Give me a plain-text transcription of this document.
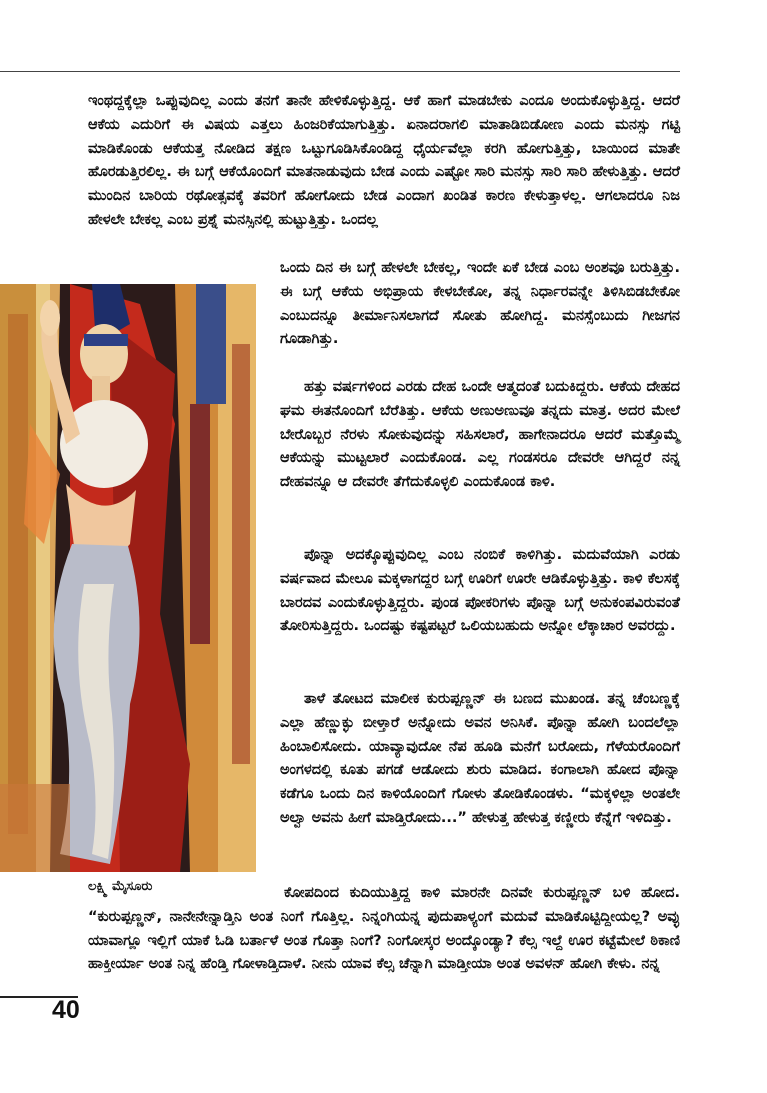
ಇಂಥದ್ದಕ್ಕೆಲ್ಲಾ ಒಪ್ಪುವುದಿಲ್ಲ ಎಂದು ತನಗೆ ತಾನೇ ಹೇಳಿಕೊಳ್ಳುತ್ತಿದ್ದ. ಆಕೆ ಹಾಗೆ ಮಾಡಬೇಕು ಎಂದೂ ಅಂದುಕೊಳ್ಳುತ್ತಿದ್ದ. ಆದರೆ ಆಕೆಯ ಎದುರಿಗೆ ಈ ವಿಷಯ ಎತ್ತಲು ಹಿಂಜರಿಕೆಯಾಗುತ್ತಿತ್ತು. ಏನಾದರಾಗಲಿ ಮಾತಾಡಿಬಿಡೋಣ ಎಂದು ಮನಸ್ಸು ಗಟ್ಟಿ ಮಾಡಿಕೊಂಡು ಆಕೆಯತ್ತ ನೋಡಿದ ತಕ್ಷಣ ಒಟ್ಟುಗೂಡಿಸಿಕೊಂಡಿದ್ದ ಧೈರ್ಯವೆಲ್ಲಾ ಕರಗಿ ಹೋಗುತ್ತಿತ್ತು, ಬಾಯಿಂದ ಮಾತೇ ಹೊರಡುತ್ತಿರಲಿಲ್ಲ. ಈ ಬಗ್ಗೆ ಆಕೆಯೊಂದಿಗೆ ಮಾತನಾಡುವುದು ಬೇಡ ಎಂದು ಎಷ್ಟೋ ಸಾರಿ ಮನಸ್ಸು ಸಾರಿ ಸಾರಿ ಹೇಳುತ್ತಿತ್ತು. ಆದರೆ ಮುಂದಿನ ಬಾರಿಯ ರಥೋತ್ಸವಕ್ಕೆ ತವರಿಗೆ ಹೋಗೋದು ಬೇಡ ಎಂದಾಗ ಖಂಡಿತ ಕಾರಣ ಕೇಳುತ್ತಾಳಲ್ಲ. ಆಗಲಾದರೂ ನಿಜ ಹೇಳಲೇ ಬೇಕಲ್ಲ ಎಂಬ ಪ್ರಶ್ನೆ ಮನಸ್ಸಿನಲ್ಲಿ ಹುಟ್ಟುತ್ತಿತ್ತು. ಒಂದಲ್ಲ

ಒಂದು ದಿನ ಈ ಬಗ್ಗೆ ಹೇಳಲೇ ಬೇಕಲ್ಲ, ಇಂದೇ ಏಕೆ ಬೇಡ ಎಂಬ ಅಂಶವೂ ಬರುತ್ತಿತ್ತು. ಈ ಬಗ್ಗೆ ಆಕೆಯ ಅಭಿಪ್ರಾಯ ಕೇಳಬೇಕೋ, ತನ್ನ ನಿರ್ಧಾರವನ್ನೇ ತಿಳಿಸಿಬಿಡಬೇಕೋ ಎಂಬುದನ್ನೂ ತೀರ್ಮಾನಿಸಲಾಗದೆ ಸೋತು ಹೋಗಿದ್ದ. ಮನಸ್ಸೆಂಬುದು ಗೀಜಗನ ಗೂಡಾಗಿತ್ತು.

ಹತ್ತು ವರ್ಷಗಳಿಂದ ಎರಡು ದೇಹ ಒಂದೇ ಆತ್ಮದಂತೆ ಬದುಕಿದ್ದರು. ಆಕೆಯ ದೇಹದ ಘಮ ಈತನೊಂದಿಗೆ ಬೆರೆತಿತ್ತು. ಆಕೆಯ ಅಣುಅಣುವೂ ತನ್ನದು ಮಾತ್ರ. ಅದರ ಮೇಲೆ ಬೇರೊಬ್ಬರ ನೆರಳು ಸೋಕುವುದನ್ನು ಸಹಿಸಲಾರೆ, ಹಾಗೇನಾದರೂ ಆದರೆ ಮತ್ತೊಮ್ಮೆ ಆಕೆಯನ್ನು ಮುಟ್ಟಲಾರೆ ಎಂದುಕೊಂಡ. ಎಲ್ಲ ಗಂಡಸರೂ ದೇವರೇ ಆಗಿದ್ದರೆ ನನ್ನ ದೇಹವನ್ನೂ ಆ ದೇವರೇ ತೆಗೆದುಕೊಳ್ಳಲಿ ಎಂದುಕೊಂಡ ಕಾಳಿ.

ಪೊನ್ನಾ ಅದಕ್ಕೊಪ್ಪುವುದಿಲ್ಲ ಎಂಬ ನಂಬಿಕೆ ಕಾಳಿಗಿತ್ತು. ಮದುವೆಯಾಗಿ ಎರಡು ವರ್ಷವಾದ ಮೇಲೂ ಮಕ್ಕಳಾಗದ್ದರ ಬಗ್ಗೆ ಊರಿಗೆ ಊರೇ ಆಡಿಕೊಳ್ಳುತ್ತಿತ್ತು. ಕಾಳಿ ಕೆಲಸಕ್ಕೆ ಬಾರದವ ಎಂದುಕೊಳ್ಳುತ್ತಿದ್ದರು. ಪುಂಡ ಪೋಕರಿಗಳು ಪೊನ್ನಾ ಬಗ್ಗೆ ಅನುಕಂಪವಿರುವಂತೆ ತೋರಿಸುತ್ತಿದ್ದರು. ಒಂದಷ್ಟು ಕಷ್ಟಪಟ್ಟರೆ ಒಲಿಯಬಹುದು ಅನ್ನೋ ಲೆಕ್ಕಾಚಾರ ಅವರದ್ದು.

ತಾಳೆ ತೋಟದ ಮಾಲೀಕ ಕುರುಪ್ಪಣ್ಣನ್ ಈ ಬಣದ ಮುಖಂಡ. ತನ್ನ ಚೆಂಬಣ್ಣಕ್ಕೆ ಎಲ್ಲಾ ಹೆಣ್ಣುಕ್ಳು ಬೀಳ್ತಾರೆ ಅನ್ನೋದು ಅವನ ಅನಿಸಿಕೆ. ಪೊನ್ನಾ ಹೋಗಿ ಬಂದಲೆಲ್ಲಾ ಹಿಂಬಾಲಿಸೋದು. ಯಾವ್ಯಾವುದೋ ನೆಪ ಹೂಡಿ ಮನೆಗೆ ಬರೋದು, ಗೆಳೆಯರೊಂದಿಗೆ ಅಂಗಳದಲ್ಲಿ ಕೂತು ಪಗಡೆ ಆಡೋದು ಶುರು ಮಾಡಿದ. ಕಂಗಾಲಾಗಿ ಹೋದ ಪೊನ್ನಾ ಕಡೆಗೂ ಒಂದು ದಿನ ಕಾಳಿಯೊಂದಿಗೆ ಗೋಳು ತೋಡಿಕೊಂಡಳು. “ಮಕ್ಕಳಿಲ್ಲಾ ಅಂತಲೇ ಅಲ್ವಾ ಅವನು ಹೀಗೆ ಮಾಡ್ತಿರೋದು...” ಹೇಳುತ್ತ ಹೇಳುತ್ತ ಕಣ್ಣೀರು ಕೆನ್ನೆಗೆ ಇಳಿದಿತ್ತು.

ಕೋಪದಿಂದ ಕುದಿಯುತ್ತಿದ್ದ ಕಾಳಿ ಮಾರನೇ ದಿನವೇ ಕುರುಪ್ಪಣ್ಣನ್ ಬಳಿ ಹೋದ. “ಕುರುಪ್ಪಣ್ಣನ್, ನಾನೇನೇನ್ನಾಡ್ತಿನಿ ಅಂತ ನಿಂಗೆ ಗೊತ್ತಿಲ್ಲ. ನಿನ್ನಂಗಿಯನ್ನ ಪುದುಪಾಳ್ಯಂಗೆ ಮದುವೆ ಮಾಡಿಕೊಟ್ಟಿದ್ದೀಯಲ್ಲ? ಅವ್ಳು ಯಾವಾಗ್ಲೂ ಇಲ್ಲಿಗೆ ಯಾಕೆ ಓಡಿ ಬರ್ತಾಳೆ ಅಂತ ಗೊತ್ತಾ ನಿಂಗೆ? ನಿಂಗೋಸ್ಕರ ಅಂದ್ಕೊಂಡ್ಯಾ? ಕೆಲ್ಸ ಇಲ್ದೆ ಊರ ಕಟ್ಟೆಮೇಲೆ ಠಿಕಾಣಿ ಹಾಕ್ತೀರ್ಯಾ ಅಂತ ನಿನ್ನ ಹೆಂಡ್ತಿ ಗೋಳಾಡ್ತಿದಾಳೆ. ನೀನು ಯಾವ ಕೆಲ್ಸ ಚೆನ್ನಾಗಿ ಮಾಡ್ತೀಯಾ ಅಂತ ಅವಳನ್ ಹೋಗಿ ಕೇಳು. ನನ್ನ

ಲಕ್ಷ್ಮಿ ಮೈಸೂರು
40
